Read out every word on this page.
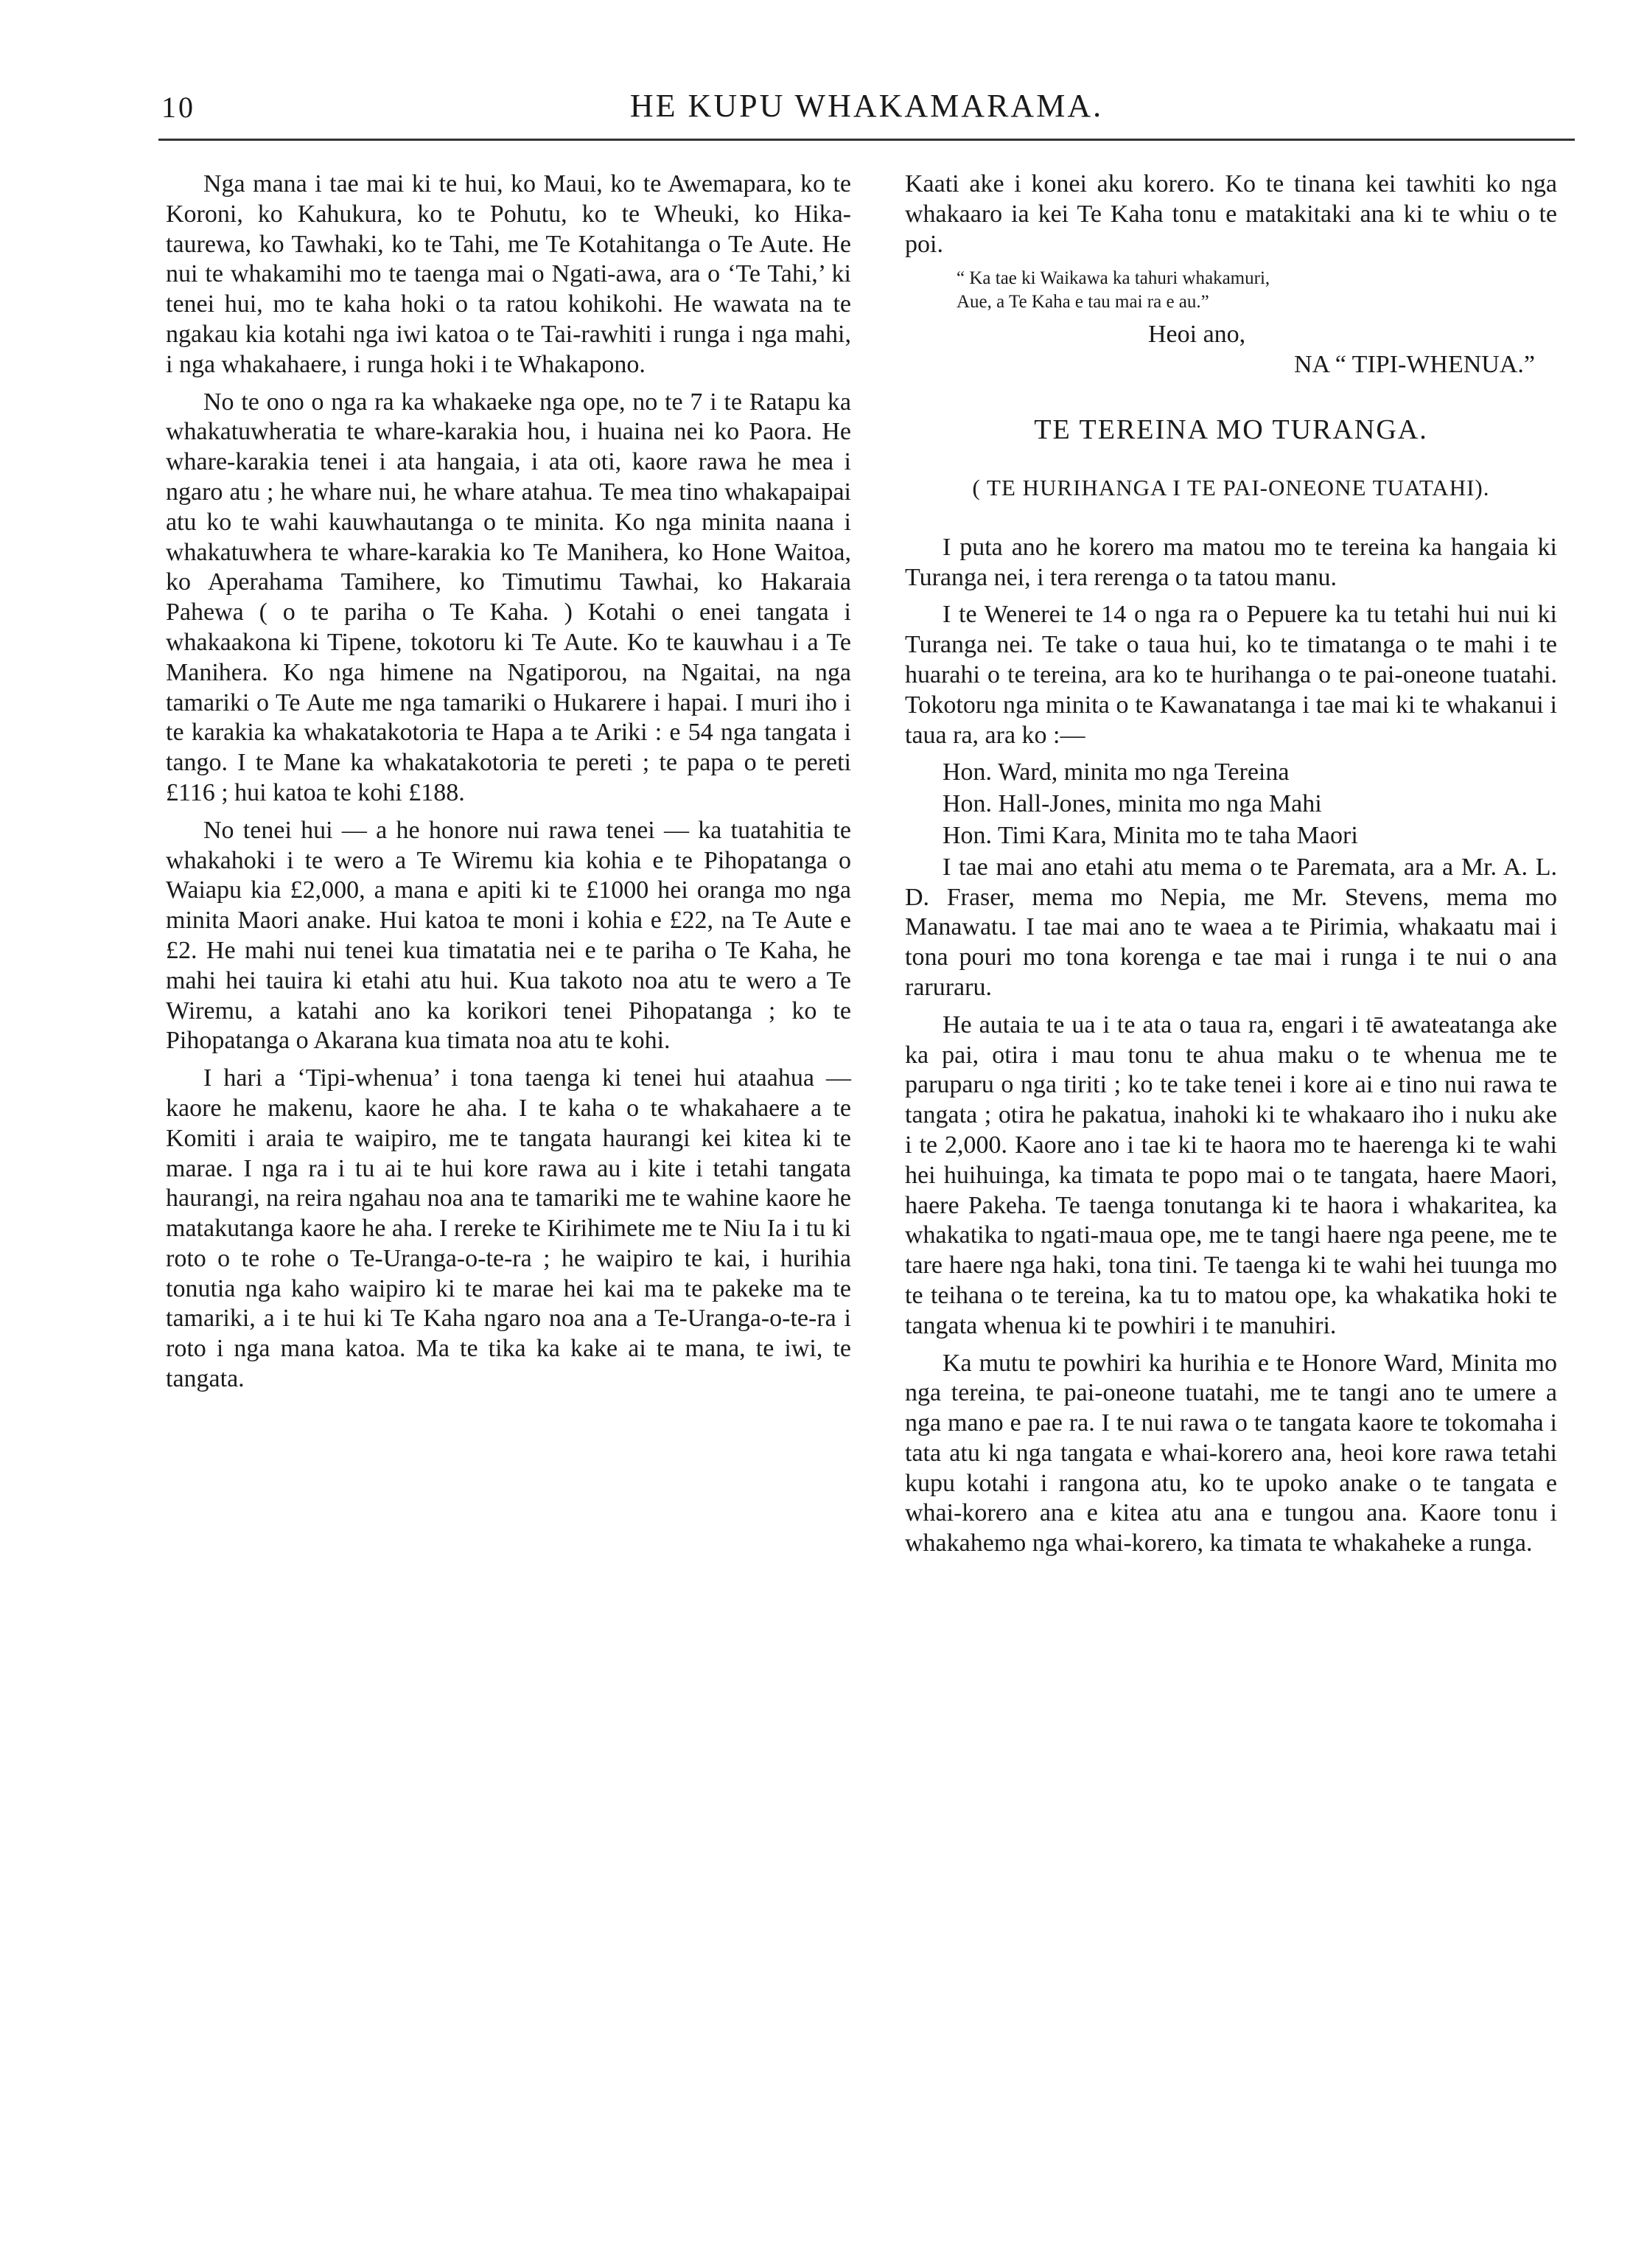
10	HE KUPU WHAKAMARAMA.

Nga mana i tae mai ki te hui, ko Maui, ko te Awemapara, ko te Koroni, ko Kahukura, ko te Pohutu, ko te Wheuki, ko Hika-taurewa, ko Tawhaki, ko te Tahi, me Te Kotahitanga o Te Aute. He nui te whakamihi mo te taenga mai o Ngati-awa, ara o ‘Te Tahi,’ ki tenei hui, mo te kaha hoki o ta ratou kohikohi. He wawata na te ngakau kia kotahi nga iwi katoa o te Tai-rawhiti i runga i nga mahi, i nga whakahaere, i runga hoki i te Whakapono.

No te ono o nga ra ka whakaeke nga ope, no te 7 i te Ratapu ka whakatuwheratia te whare-karakia hou, i huaina nei ko Paora. He whare-karakia tenei i ata hangaia, i ata oti, kaore rawa he mea i ngaro atu ; he whare nui, he whare atahua. Te mea tino whakapaipai atu ko te wahi kauwhautanga o te minita. Ko nga minita naana i whakatuwhera te whare-karakia ko Te Manihera, ko Hone Waitoa, ko Aperahama Tamihere, ko Timutimu Tawhai, ko Hakaraia Pahewa ( o te pariha o Te Kaha. ) Kotahi o enei tangata i whakaakona ki Tipene, tokotoru ki Te Aute. Ko te kauwhau i a Te Manihera. Ko nga himene na Ngatiporou, na Ngaitai, na nga tamariki o Te Aute me nga tamariki o Hukarere i hapai. I muri iho i te karakia ka whakatakotoria te Hapa a te Ariki : e 54 nga tangata i tango. I te Mane ka whakatakotoria te pereti ; te papa o te pereti £116 ; hui katoa te kohi £188.

No tenei hui — a he honore nui rawa tenei — ka tuatahitia te whakahoki i te wero a Te Wiremu kia kohia e te Pihopatanga o Waiapu kia £2,000, a mana e apiti ki te £1000 hei oranga mo nga minita Maori anake. Hui katoa te moni i kohia e £22, na Te Aute e £2. He mahi nui tenei kua timatatia nei e te pariha o Te Kaha, he mahi hei tauira ki etahi atu hui. Kua takoto noa atu te wero a Te Wiremu, a katahi ano ka korikori tenei Pihopatanga ; ko te Pihopatanga o Akarana kua timata noa atu te kohi.

I hari a ‘Tipi-whenua’ i tona taenga ki tenei hui ataahua — kaore he makenu, kaore he aha. I te kaha o te whakahaere a te Komiti i araia te waipiro, me te tangata haurangi kei kitea ki te marae. I nga ra i tu ai te hui kore rawa au i kite i tetahi tangata haurangi, na reira ngahau noa ana te tamariki me te wahine kaore he matakutanga kaore he aha. I rereke te Kirihimete me te Niu Ia i tu ki roto o te rohe o Te-Uranga-o-te-ra ; he waipiro te kai, i hurihia tonutia nga kaho waipiro ki te marae hei kai ma te pakeke ma te tamariki, a i te hui ki Te Kaha ngaro noa ana a Te-Uranga-o-te-ra i roto i nga mana katoa. Ma te tika ka kake ai te mana, te iwi, te tangata.

Kaati ake i konei aku korero. Ko te tinana kei tawhiti ko nga whakaaro ia kei Te Kaha tonu e matakitaki ana ki te whiu o te poi.

“ Ka tae ki Waikawa ka tahuri whakamuri,
Aue, a Te Kaha e tau mai ra e au.”
Heoi ano,
NA “ TIPI-WHENUA.”
TE TEREINA MO TURANGA.
( TE HURIHANGA I TE PAI-ONEONE TUATAHI).

I puta ano he korero ma matou mo te tereina ka hangaia ki Turanga nei, i tera rerenga o ta tatou manu.

I te Wenerei te 14 o nga ra o Pepuere ka tu tetahi hui nui ki Turanga nei. Te take o taua hui, ko te timatanga o te mahi i te huarahi o te tereina, ara ko te hurihanga o te pai-oneone tuatahi. Tokotoru nga minita o te Kawanatanga i tae mai ki te whakanui i taua ra, ara ko :—

Hon. Ward, minita mo nga Tereina
Hon. Hall-Jones, minita mo nga Mahi
Hon. Timi Kara, Minita mo te taha Maori

I tae mai ano etahi atu mema o te Paremata, ara a Mr. A. L. D. Fraser, mema mo Nepia, me Mr. Stevens, mema mo Manawatu. I tae mai ano te waea a te Pirimia, whakaatu mai i tona pouri mo tona korenga e tae mai i runga i te nui o ana raruraru.

He autaia te ua i te ata o taua ra, engari i tē awateatanga ake ka pai, otira i mau tonu te ahua maku o te whenua me te paruparu o nga tiriti ; ko te take tenei i kore ai e tino nui rawa te tangata ; otira he pakatua, inahoki ki te whakaaro iho i nuku ake i te 2,000. Kaore ano i tae ki te haora mo te haerenga ki te wahi hei huihuinga, ka timata te popo mai o te tangata, haere Maori, haere Pakeha. Te taenga tonutanga ki te haora i whakaritea, ka whakatika to ngati-maua ope, me te tangi haere nga peene, me te tare haere nga haki, tona tini. Te taenga ki te wahi hei tuunga mo te teihana o te tereina, ka tu to matou ope, ka whakatika hoki te tangata whenua ki te powhiri i te manuhiri.

Ka mutu te powhiri ka hurihia e te Honore Ward, Minita mo nga tereina, te pai-oneone tuatahi, me te tangi ano te umere a nga mano e pae ra. I te nui rawa o te tangata kaore te tokomaha i tata atu ki nga tangata e whai-korero ana, heoi kore rawa tetahi kupu kotahi i rangona atu, ko te upoko anake o te tangata e whai-korero ana e kitea atu ana e tungou ana. Kaore tonu i whakahemo nga whai-korero, ka timata te whakaheke a runga.
